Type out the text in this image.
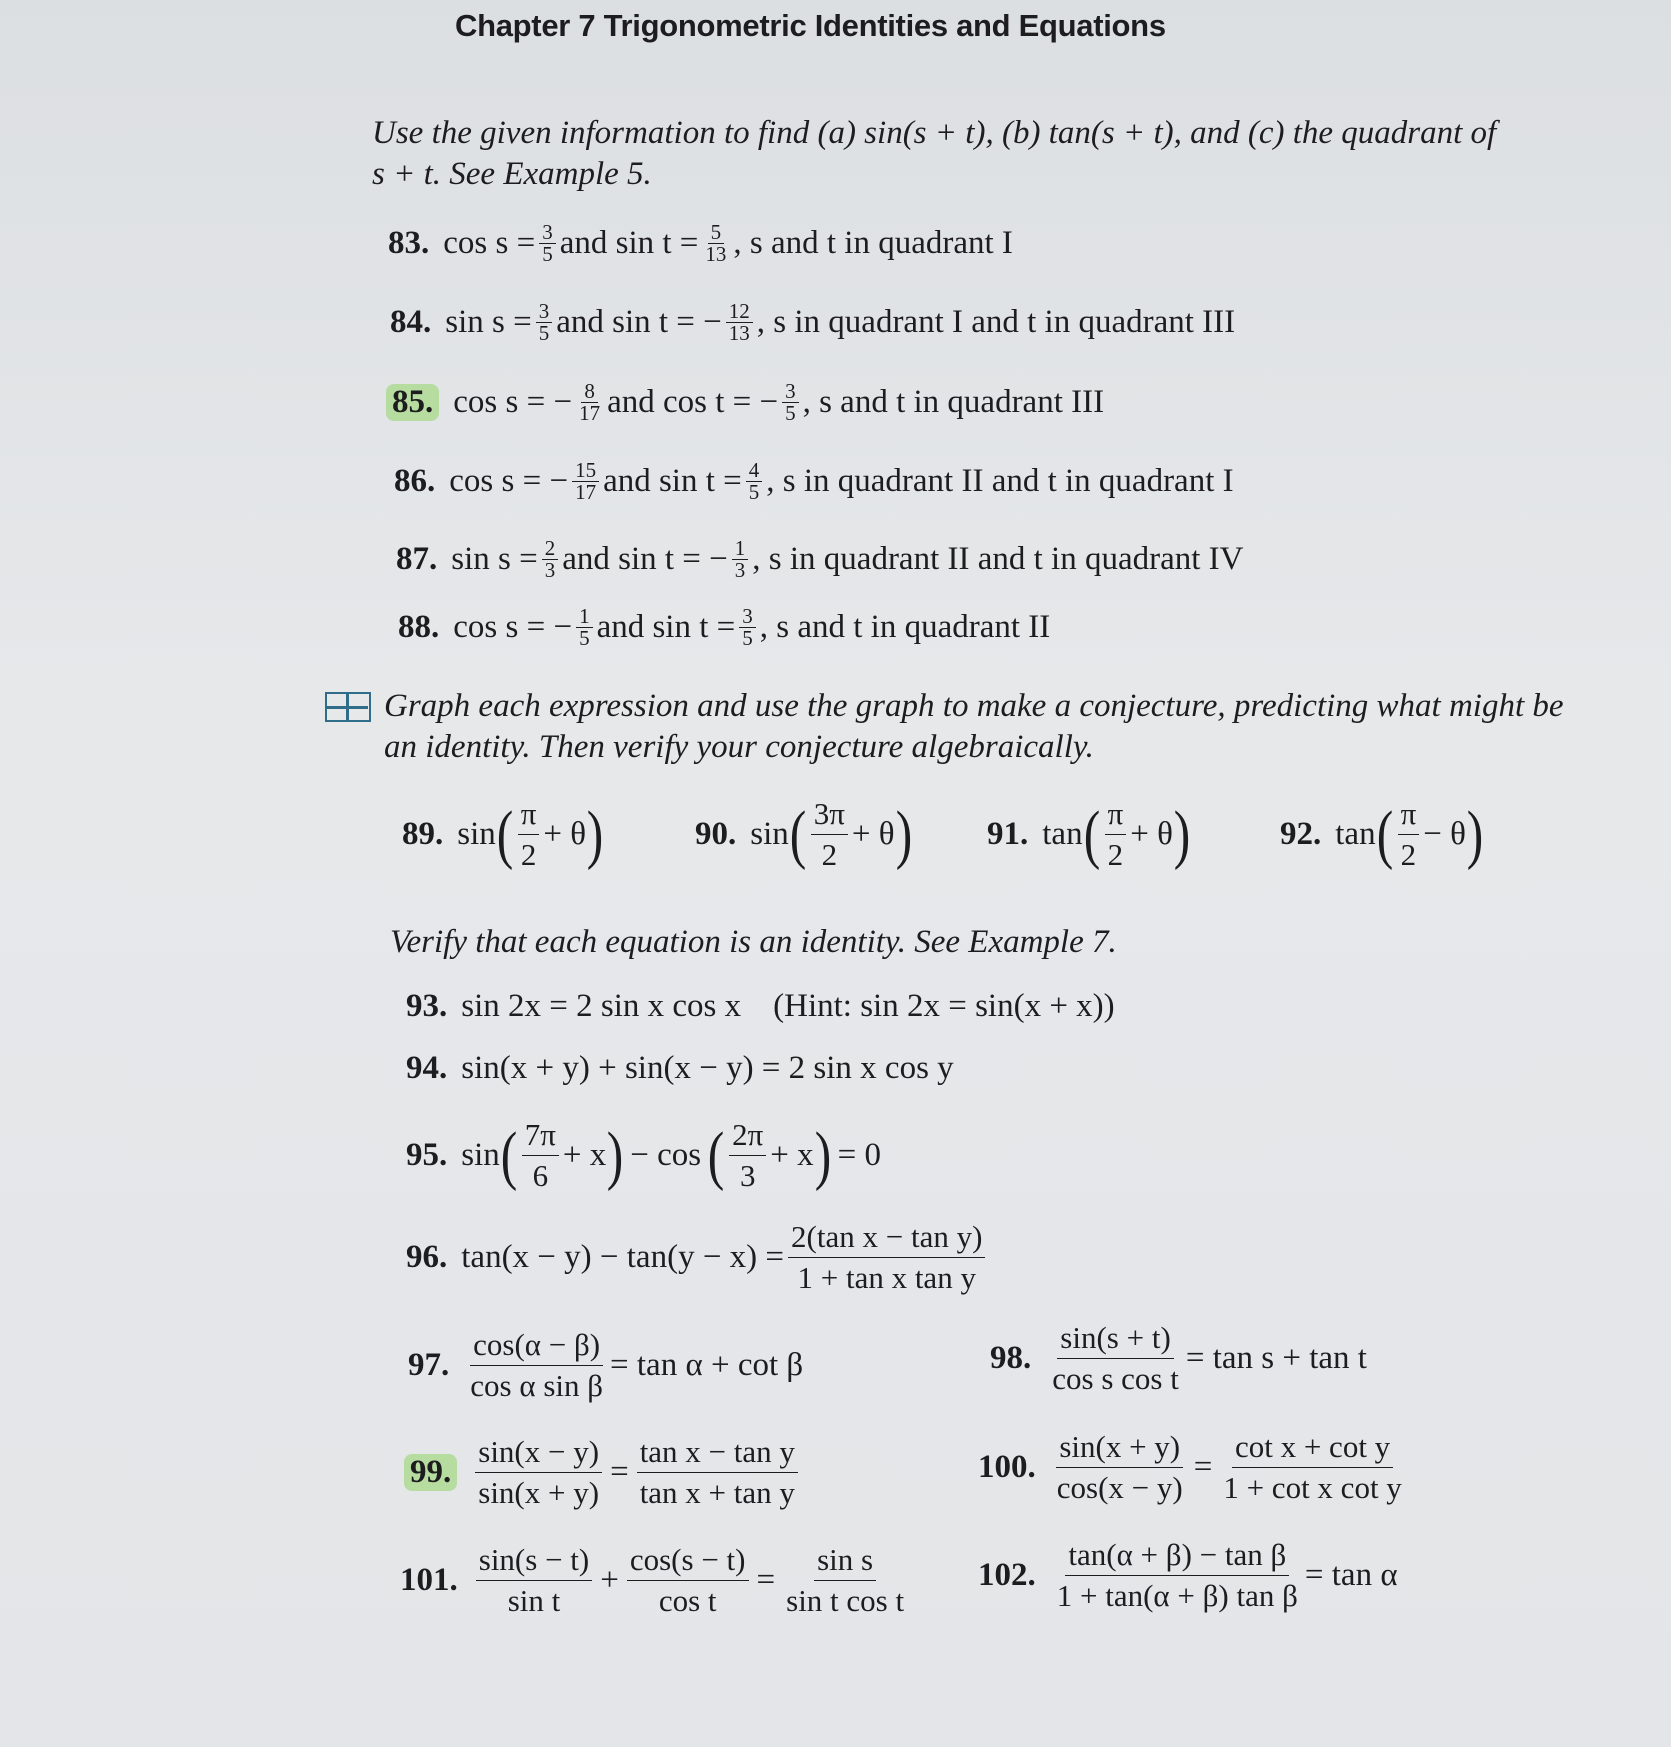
Chapter 7 Trigonometric Identities and Equations
Use the given information to find (a) sin(s + t), (b) tan(s + t), and (c) the quadrant of
s + t. See Example 5.
83. $\cos s = \frac{3}{5}$ and $\sin t = \frac{5}{13}$ , s and t in quadrant I
84. $\sin s = \frac{3}{5}$ and sin t = − $\frac{12}{13}$ , s in quadrant I and t in quadrant III
85. cos s = − $\frac{8}{17}$ and cos t = − $\frac{3}{5}$ , s and t in quadrant III
86. cos s = − $\frac{15}{17}$ and $\sin t = \frac{4}{5}$ , s in quadrant II and t in quadrant I
87. $\sin s = \frac{2}{3}$ and sin t = − $\frac{1}{3}$ , s in quadrant II and t in quadrant IV
88. cos s = − $\frac{1}{5}$ and $\sin t = \frac{3}{5}$ , s and t in quadrant II
Graph each expression and use the graph to make a conjecture, predicting what might be
an identity. Then verify your conjecture algebraically.
89. sin ( $\frac{\pi}{2} + \theta$ )	90. sin ( $\frac{3\pi}{2} + \theta$ ) 91. tan ( $\frac{\pi}{2} + \theta$ )	92. tan ( $\frac{\pi}{2} - \theta$ )
Verify that each equation is an identity. See Example 7.
93. sin 2x = 2 sin x cos x (Hint: sin 2x = sin(x + x))
94. sin(x + y) + sin(x − y) = 2 sin x cos y
95. sin ( $\frac{7\pi}{6} + x$ ) − cos ( $\frac{2\pi}{3} + x$ ) = 0
96. $\tan(x - y) - \tan(y - x) = \frac{\text{2(tan x − tan y)}}{\text{1 + tan x tan y}}$
97. $\frac{\cos(\alpha - \beta)}{\text{cos α sin β}} = \tan \alpha + \cot \beta$	98. $\frac{\sin(s + t)}{\text{cos s cos t}} = \tan s + \tan t$
99. $\frac{\sin(x - y)}{\sin(x + y)} = \frac{\text{tan x − tan y}}{\text{tan x + tan y}}$	100. $\frac{\sin(x + y)}{\cos(x - y)} = \frac{\text{cot x + cot y}}{\text{1 + cot x cot y}}$
101. $\frac{\sin(s - t)}{\text{sin t}} + \frac{\cos(s - t)}{\text{cos t}} = \frac{\text{sin s}}{\text{sin t cos t}} 102$. $\frac{\text{tan(α + β) − tan β}}{\text{1 + tan(α + β) tan β}} = \tan \alpha$
